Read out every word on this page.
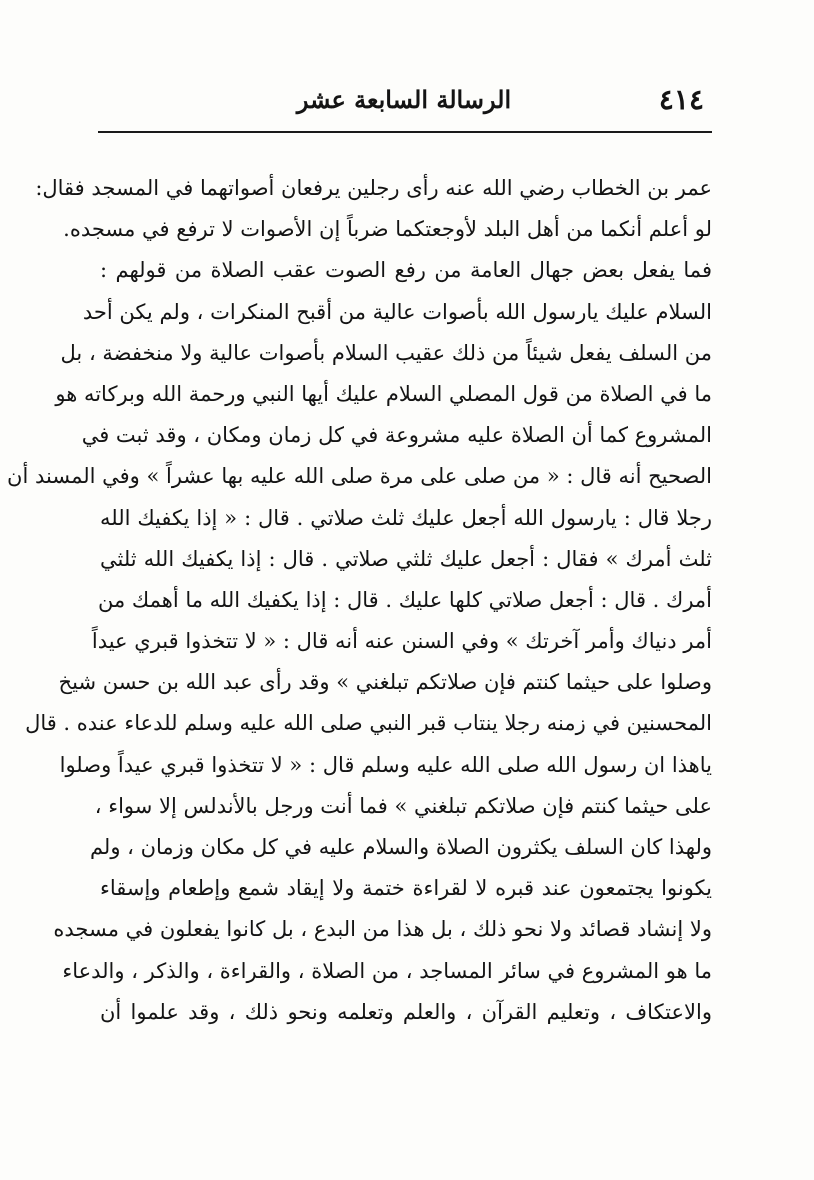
٤١٤
الرسالة السابعة عشر
عمر بن الخطاب رضي الله عنه رأى رجلين يرفعان أصواتهما في المسجد فقال:
لو أعلم أنكما من أهل البلد لأوجعتكما ضرباً إن الأصوات لا ترفع في مسجده.
فما يفعل بعض جهال العامة من رفع الصوت عقب الصلاة من قولهم :
السلام عليك يارسول الله بأصوات عالية من أقبح المنكرات ، ولم يكن أحد
من السلف يفعل شيئاً من ذلك عقيب السلام بأصوات عالية ولا منخفضة ، بل
ما في الصلاة من قول المصلي السلام عليك أيها النبي ورحمة الله وبركاته هو
المشروع كما أن الصلاة عليه مشروعة في كل زمان ومكان ، وقد ثبت في
الصحيح أنه قال : « من صلى على مرة صلى الله عليه بها عشراً » وفي المسند أن
رجلا قال : يارسول الله أجعل عليك ثلث صلاتي . قال : « إذا يكفيك الله
ثلث أمرك » فقال : أجعل عليك ثلثي صلاتي . قال : إذا يكفيك الله ثلثي
أمرك . قال : أجعل صلاتي كلها عليك . قال : إذا يكفيك الله ما أهمك من
أمر دنياك وأمر آخرتك » وفي السنن عنه أنه قال : « لا تتخذوا قبري عيداً
وصلوا على حيثما كنتم فإن صلاتكم تبلغني » وقد رأى عبد الله بن حسن شيخ
المحسنين في زمنه رجلا ينتاب قبر النبي صلى الله عليه وسلم للدعاء عنده . قال
ياهذا ان رسول الله صلى الله عليه وسلم قال : « لا تتخذوا قبري عيداً وصلوا
على حيثما كنتم فإن صلاتكم تبلغني » فما أنت ورجل بالأندلس إلا سواء ،
ولهذا كان السلف يكثرون الصلاة والسلام عليه في كل مكان وزمان ، ولم
يكونوا يجتمعون عند قبره لا لقراءة ختمة ولا إيقاد شمع وإطعام وإسقاء
ولا إنشاد قصائد ولا نحو ذلك ، بل هذا من البدع ، بل كانوا يفعلون في مسجده
ما هو المشروع في سائر المساجد ، من الصلاة ، والقراءة ، والذكر ، والدعاء
والاعتكاف ، وتعليم القرآن ، والعلم وتعلمه ونحو ذلك ، وقد علموا أن
